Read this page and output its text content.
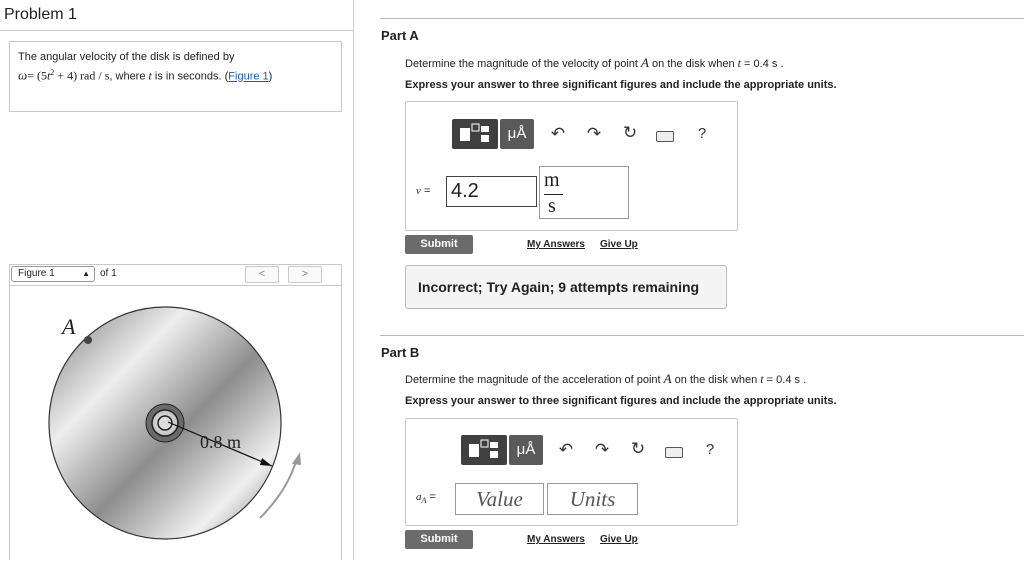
Problem 1
The angular velocity of the disk is defined by
$\omega= (5t^2 + 4)$ rad / s, where t is in seconds. (Figure 1)
Figure 1	▲ of 1	<	>
A
0.8 m
Part A
Determine the magnitude of the velocity of point A on the disk when t = 0.4 s .
Express your answer to three significant figures and include the appropriate units.
μÅ	↶ ↷ ↻	?
v = 4.2	m
s
Submit	My Answers Give Up
Incorrect; Try Again; 9 attempts remaining
Part B
Determine the magnitude of the acceleration of point A on the disk when t = 0.4 s .
Express your answer to three significant figures and include the appropriate units.
μÅ	↶ ↷ ↻	?
$a_A$ =	Value	Units
Submit	My Answers Give Up
